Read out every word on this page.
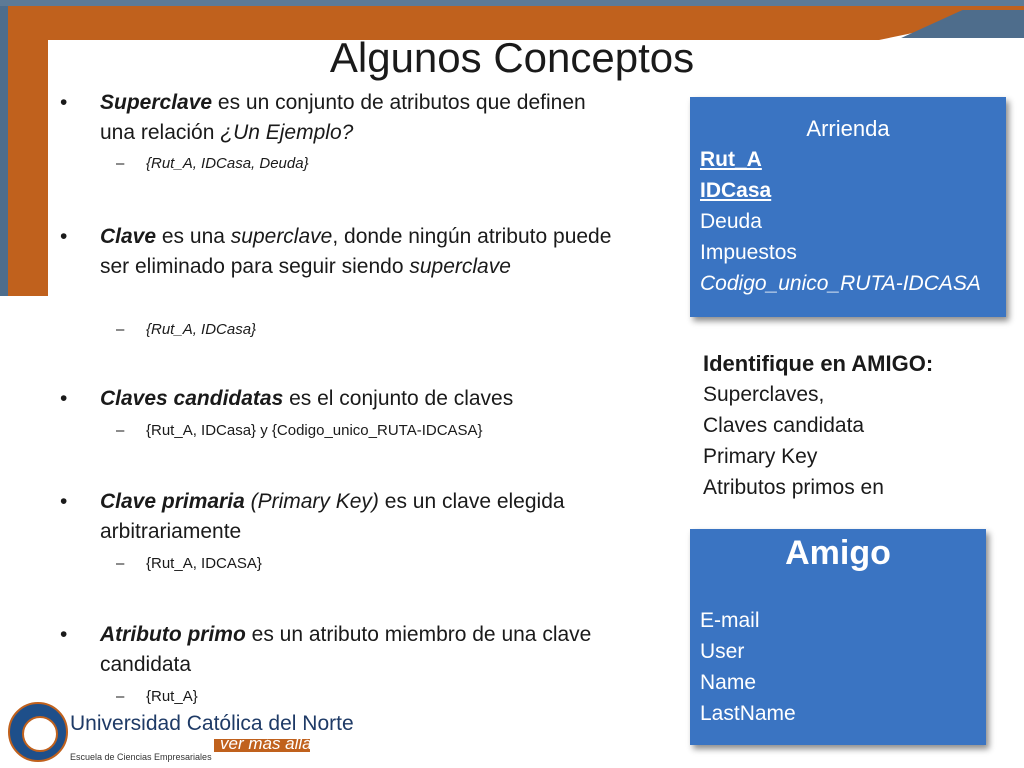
Algunos Conceptos
•	Superclave es un conjunto de atributos que definen una relación ¿Un Ejemplo?
– {Rut_A, IDCasa, Deuda}
•	Clave es una superclave, donde ningún atributo puede ser eliminado para seguir siendo superclave
– {Rut_A, IDCasa}
•	Claves candidatas es el conjunto de claves
– {Rut_A, IDCasa} y {Codigo_unico_RUTA-IDCASA}
•	Clave primaria (Primary Key) es un clave elegida arbitrariamente
– {Rut_A, IDCASA}
•	Atributo primo es un atributo miembro de una clave candidata
– {Rut_A}
Arrienda
Rut_A
IDCasa
Deuda
Impuestos
Codigo_unico_RUTA-IDCASA
Identifique en AMIGO:
Superclaves,
Claves candidata
Primary Key
Atributos primos en
Amigo
E-mail
User
Name
LastName
Universidad Católica del Norte
ver más allá
Escuela de Ciencias Empresariales
